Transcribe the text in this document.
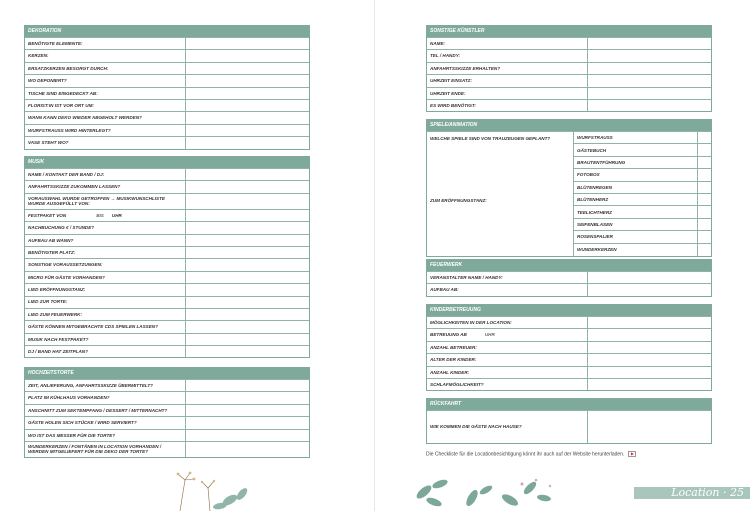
DEKORATION
BENÖTIGTE ELEMENTE:
KERZEN:
ERSATZKERZEN BESORGT DURCH:
WO DEPONIERT?
TISCHE SIND EINGEDECKT AB:
FLORIST:IN IST VOR ORT UM:
WANN KANN DEKO WIEDER ABGEHOLT WERDEN?
WURFSTRAUSS WIRD HINTERLEGT?
VASE STEHT WO?
MUSIK
NAME / KONTAKT DER BAND / DJ:
ANFAHRTSSKIZZE ZUKOMMEN LASSEN?
VORAUSWAHL WURDE GETROFFEN → MUSIKWUNSCHLISTE WURDE AUSGEFÜLLT VON:
FESTPAKET VON	BIS UHR
NACHBUCHUNG € / STUNDE?
AUFBAU AB WANN?
BENÖTIGTER PLATZ:
SONSTIGE VORAUSSETZUNGEN:
MICRO FÜR GÄSTE VORHANDEN?
LIED ERÖFFNUNGSTANZ:
LIED ZUR TORTE:
LIED ZUM FEUERWERK:
GÄSTE KÖNNEN MITGEBRACHTE CDS SPIELEN LASSEN?
MUSIK NACH FESTPAKET?
DJ / BAND HAT ZEITPLAN?
HOCHZEITSTORTE
ZEIT, ANLIEFERUNG, ANFAHRTSSKIZZE ÜBERMITTELT?
PLATZ IM KÜHLHAUS VORHANDEN?
ANSCHNITT ZUM SEKTEMPFANG / DESSERT / MITTERNACHT?
GÄSTE HOLEN SICH STÜCKE / WIRD SERVIERT?
WO IST DAS MESSER FÜR DIE TORTE?
WUNDERKERZEN / FONTÄNEN IN LOCATION VORHANDEN / WERDEN MITGELIEFERT FÜR DIE DEKO DER TORTE?
SONSTIGE KÜNSTLER
NAME:
TEL / HANDY:
ANFAHRTSSKIZZE ERHALTEN?
UHRZEIT EINSATZ:
UHRZEIT ENDE:
ES WIRD BENÖTIGT:
SPIELE/ANIMATION
WELCHE SPIELE SIND VON TRAUZEUGEN GEPLANT?
ZUM ERÖFFNUNGSTANZ:
WURFSTRAUSS
GÄSTEBUCH
BRAUTENTFÜHRUNG
FOTOBOX
BLÜTENREGEN
BLÜTENHERZ
TEELICHTHERZ
SEIFENBLASEN
ROSENSPALIER
WUNDERKERZEN
FEUERWERK
VERANSTALTER NAME / HANDY:
AUFBAU AB:
KINDERBETREUUNG
MÖGLICHKEITEN IN DER LOCATION:
BETREUUNG AB	UHR
ANZAHL BETREUER:
ALTER DER KINDER:
ANZAHL KINDER:
SCHLAFMÖGLICHKEIT?
RÜCKFAHRT
WIE KOMMEN DIE GÄSTE NACH HAUSE?
Die Checkliste für die Locationbesichtigung könnt ihr auch auf der Website herunterladen. ▶
Location · 25
